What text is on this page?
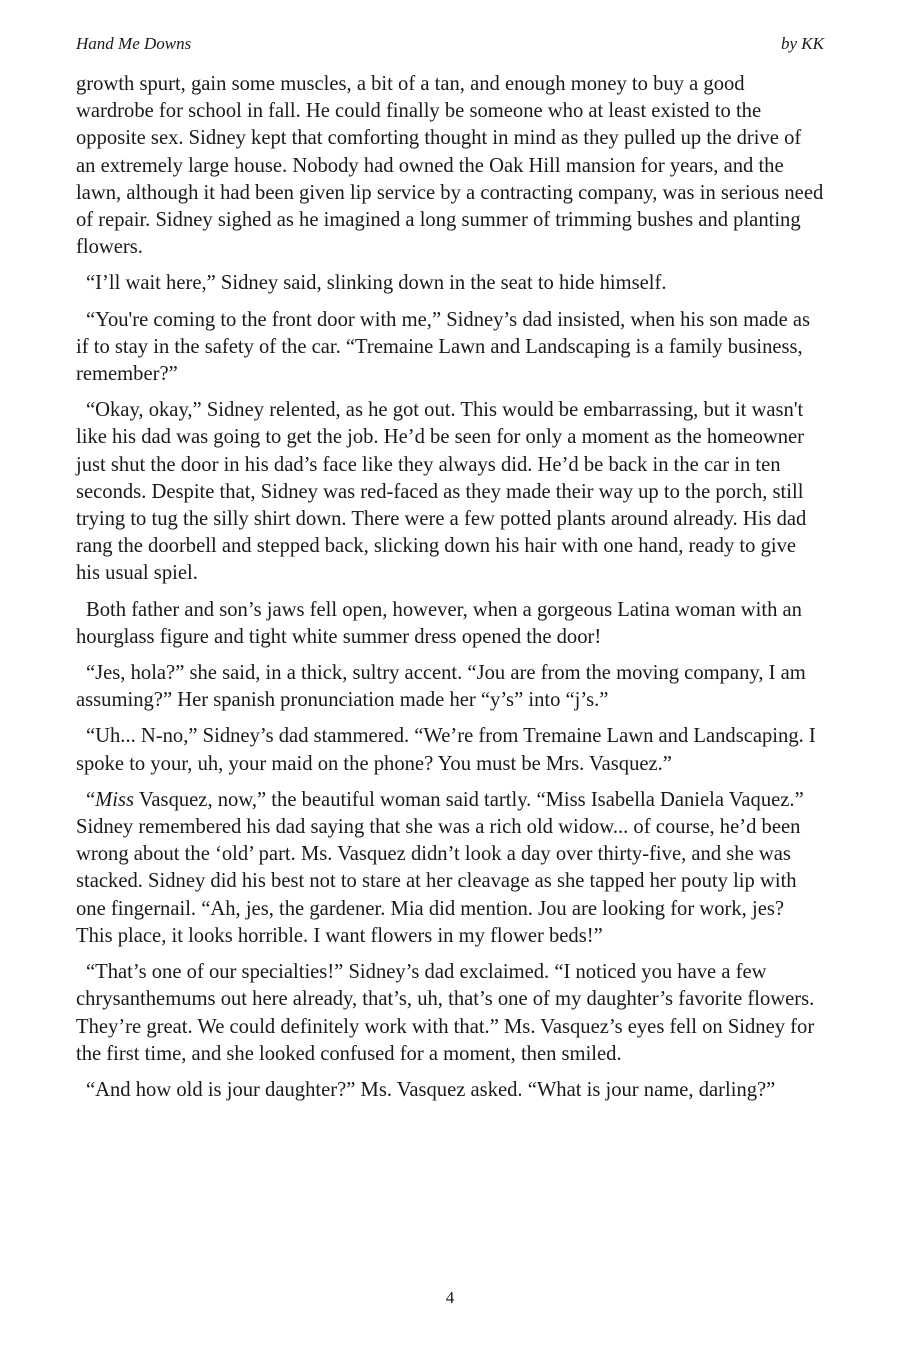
Hand Me Downs	by KK

growth spurt, gain some muscles, a bit of a tan, and enough money to buy a good wardrobe for school in fall. He could finally be someone who at least existed to the opposite sex. Sidney kept that comforting thought in mind as they pulled up the drive of an extremely large house. Nobody had owned the Oak Hill mansion for years, and the lawn, although it had been given lip service by a contracting company, was in serious need of repair. Sidney sighed as he imagined a long summer of trimming bushes and planting flowers.

“I’ll wait here,” Sidney said, slinking down in the seat to hide himself.

“You're coming to the front door with me,” Sidney’s dad insisted, when his son made as if to stay in the safety of the car. “Tremaine Lawn and Landscaping is a family business, remember?”

“Okay, okay,” Sidney relented, as he got out. This would be embarrassing, but it wasn't like his dad was going to get the job. He’d be seen for only a moment as the homeowner just shut the door in his dad’s face like they always did. He’d be back in the car in ten seconds. Despite that, Sidney was red-faced as they made their way up to the porch, still trying to tug the silly shirt down. There were a few potted plants around already. His dad rang the doorbell and stepped back, slicking down his hair with one hand, ready to give his usual spiel.

Both father and son’s jaws fell open, however, when a gorgeous Latina woman with an hourglass figure and tight white summer dress opened the door!

“Jes, hola?” she said, in a thick, sultry accent. “Jou are from the moving company, I am assuming?” Her spanish pronunciation made her “y’s” into “j’s.”

“Uh... N-no,” Sidney’s dad stammered. “We’re from Tremaine Lawn and Landscaping. I spoke to your, uh, your maid on the phone? You must be Mrs. Vasquez.”

“Miss Vasquez, now,” the beautiful woman said tartly. “Miss Isabella Daniela Vaquez.” Sidney remembered his dad saying that she was a rich old widow... of course, he’d been wrong about the ‘old’ part. Ms. Vasquez didn’t look a day over thirty-five, and she was stacked. Sidney did his best not to stare at her cleavage as she tapped her pouty lip with one fingernail. “Ah, jes, the gardener. Mia did mention. Jou are looking for work, jes? This place, it looks horrible. I want flowers in my flower beds!”

“That’s one of our specialties!” Sidney’s dad exclaimed. “I noticed you have a few chrysanthemums out here already, that’s, uh, that’s one of my daughter’s favorite flowers. They’re great. We could definitely work with that.” Ms. Vasquez’s eyes fell on Sidney for the first time, and she looked confused for a moment, then smiled.

“And how old is jour daughter?” Ms. Vasquez asked. “What is jour name, darling?”

4
